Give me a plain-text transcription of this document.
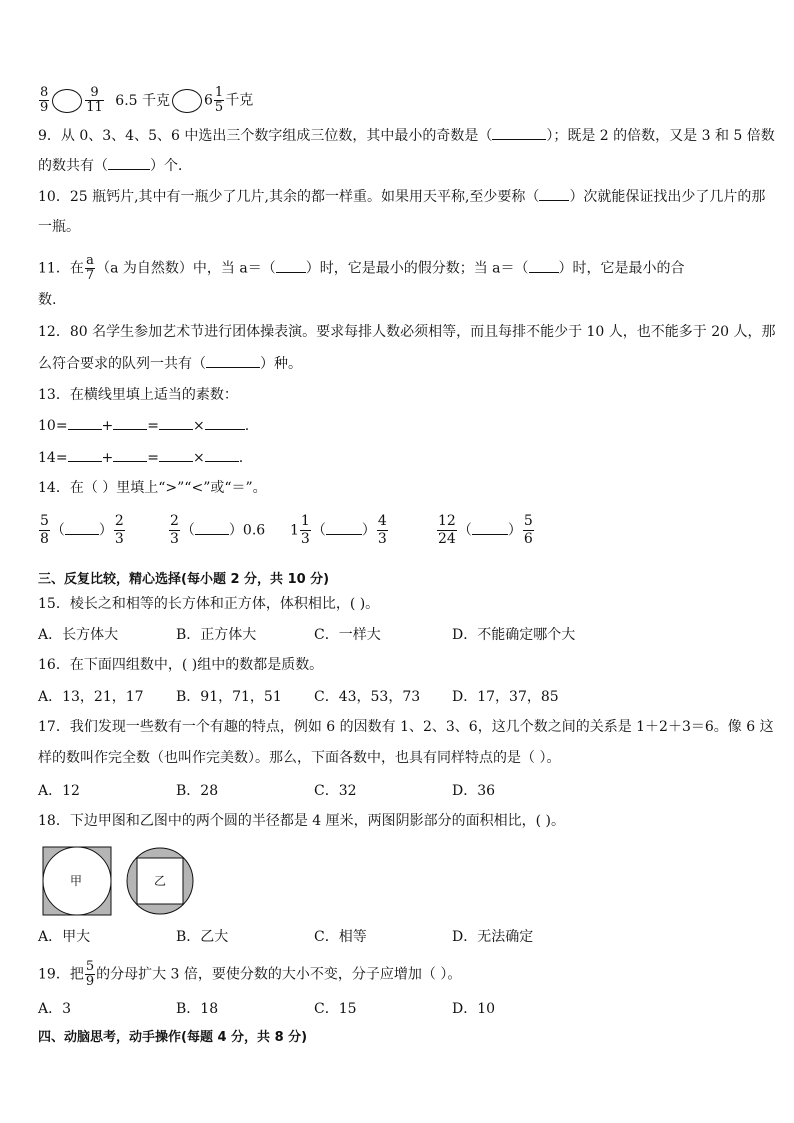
$\frac{8}{9}$	$\frac{9}{11} 6.5$ 千克 $6 \frac{1}{5}$ 千克
9．从 0、3、4、5、6 中选出三个数字组成三位数，其中最小的奇数是（	）；既是 2 的倍数，又是 3 和 5 倍数
的数共有（	）个．
10．25 瓶钙片,其中有一瓶少了几片,其余的都一样重。如果用天平称,至少要称（ ）次就能保证找出少了几片的那
一瓶。
11．在 $\frac{a}{7} (a$ 为自然数）中，当 a＝（ ）时，它是最小的假分数；当 a＝（ ）时，它是最小的合
数.
12．80 名学生参加艺术节进行团体操表演。要求每排人数必须相等，而且每排不能少于 10 人，也不能多于 20 人，那
么符合要求的队列一共有（	）种。
13．在横线里填上适当的素数：
10= + = ×	.
14= + = × .
14．在（ ）里填上“>”“<”或“＝”。
$\frac{5}{8}$ （ ） $\frac{2}{3}$	$\frac{2}{3}$ （ ）0.6 $1 \frac{1}{3}$ （	） $\frac{4}{3}$	$\frac{12}{24}$ （	） $\frac{5}{6}$
三、反复比较，精心选择(每小题 2 分，共 10 分)
15．棱长之和相等的长方体和正方体，体积相比，( )。
A．长方体大	B．正方体大	C．一样大	D．不能确定哪个大
16．在下面四组数中，( )组中的数都是质数。
A．13，21，17 B．91，71，51 C．43，53，73 D．17，37，85
17．我们发现一些数有一个有趣的特点，例如 6 的因数有 1、2、3、6，这几个数之间的关系是 1＋2＋3＝6。像 6 这
样的数叫作完全数（也叫作完美数）。那么，下面各数中，也具有同样特点的是（ ）。
A．12	B．28	C．32	D．36
18．下边甲图和乙图中的两个圆的半径都是 4 厘米，两图阴影部分的面积相比，( )。
甲	乙
A．甲大	B．乙大	C．相等	D．无法确定
19．把 $\frac{5}{9}$ 的分母扩大 3 倍，要使分数的大小不变，分子应增加（ ）。
A．3	B．18	C．15	D．10
四、动脑思考，动手操作(每题 4 分，共 8 分)
